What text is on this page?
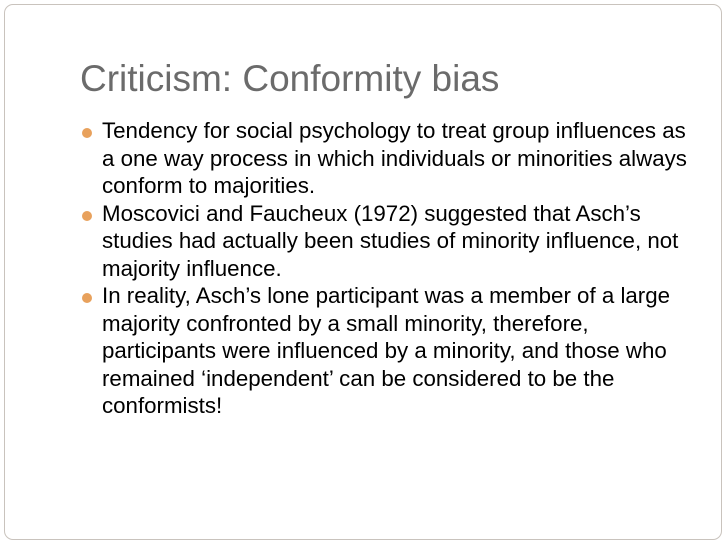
Criticism: Conformity bias
Tendency for social psychology to treat group influences as a one way process in which individuals or minorities always conform to majorities.
Moscovici and Faucheux (1972) suggested that Asch’s studies had actually been studies of minority influence, not majority influence.
In reality, Asch’s lone participant was a member of a large majority confronted by a small minority, therefore, participants were influenced by a minority, and those who remained ‘independent’ can be considered to be the conformists!
